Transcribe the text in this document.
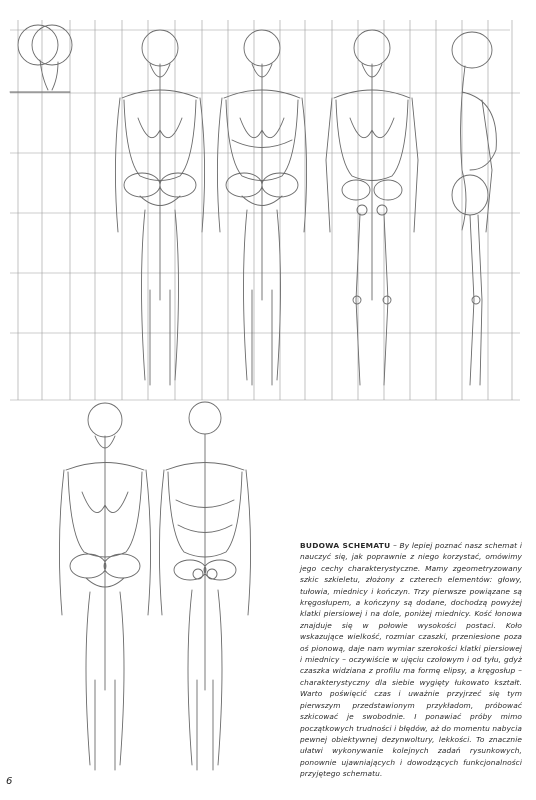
BUDOWA SCHEMATU – By lepiej poznać nasz schemat i nauczyć się, jak poprawnie z niego korzystać, omówimy jego cechy charakterystyczne. Mamy zgeometryzowany szkic szkieletu, złożony z czterech elementów: głowy, tułowia, miednicy i kończyn. Trzy pierwsze powiązane są kręgosłupem, a kończyny są dodane, dochodzą powyżej klatki piersiowej i na dole, poniżej miednicy. Kość łonowa znajduje się w połowie wysokości postaci. Koło wskazujące wielkość, rozmiar czaszki, przeniesione poza oś pionową, daje nam wymiar szerokości klatki piersiowej i miednicy – oczywiście w ujęciu czołowym i od tyłu, gdyż czaszka widziana z profilu ma formę elipsy, a kręgosłup – charakterystyczny dla siebie wygięty łukowato kształt. Warto poświęcić czas i uważnie przyjrzeć się tym pierwszym przedstawionym przykładom, próbować szkicować je swobodnie. I ponawiać próby mimo początkowych trudności i błędów, aż do momentu nabycia pewnej obiektywnej dezynwoltury, lekkości. To znacznie ułatwi wykonywanie kolejnych zadań rysunkowych, ponownie ujawniających i dowodzących funkcjonalności przyjętego schematu.
6
